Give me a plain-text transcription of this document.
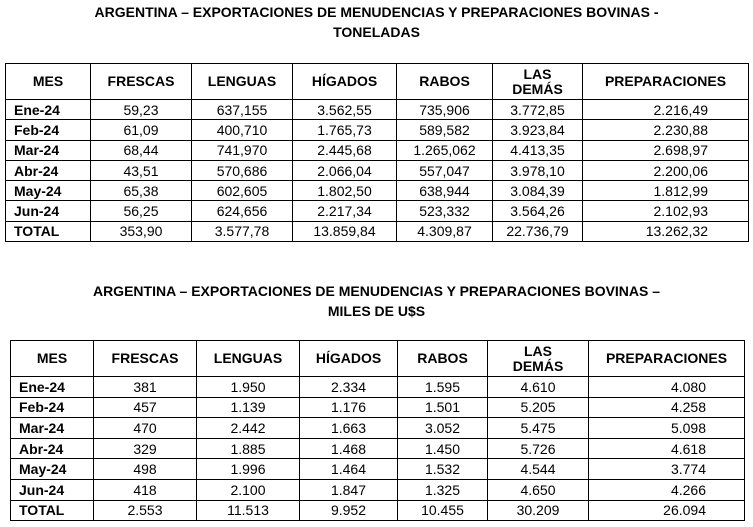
ARGENTINA – EXPORTACIONES DE MENUDENCIAS Y PREPARACIONES BOVINAS -
TONELADAS
MES	FRESCAS	LENGUAS	HÍGADOS	RABOS	LAS DEMÁS	PREPARACIONES
Ene-24	59,23	637,155	3.562,55	735,906	3.772,85	2.216,49
Feb-24	61,09	400,710	1.765,73	589,582	3.923,84	2.230,88
Mar-24	68,44	741,970	2.445,68	1.265,062	4.413,35	2.698,97
Abr-24	43,51	570,686	2.066,04	557,047	3.978,10	2.200,06
May-24	65,38	602,605	1.802,50	638,944	3.084,39	1.812,99
Jun-24	56,25	624,656	2.217,34	523,332	3.564,26	2.102,93
TOTAL	353,90	3.577,78	13.859,84	4.309,87	22.736,79	13.262,32
ARGENTINA – EXPORTACIONES DE MENUDENCIAS Y PREPARACIONES BOVINAS –
MILES DE U$S
MES	FRESCAS	LENGUAS	HÍGADOS	RABOS	LAS DEMÁS	PREPARACIONES
Ene-24	381	1.950	2.334	1.595	4.610	4.080
Feb-24	457	1.139	1.176	1.501	5.205	4.258
Mar-24	470	2.442	1.663	3.052	5.475	5.098
Abr-24	329	1.885	1.468	1.450	5.726	4.618
May-24	498	1.996	1.464	1.532	4.544	3.774
Jun-24	418	2.100	1.847	1.325	4.650	4.266
TOTAL	2.553	11.513	9.952	10.455	30.209	26.094
